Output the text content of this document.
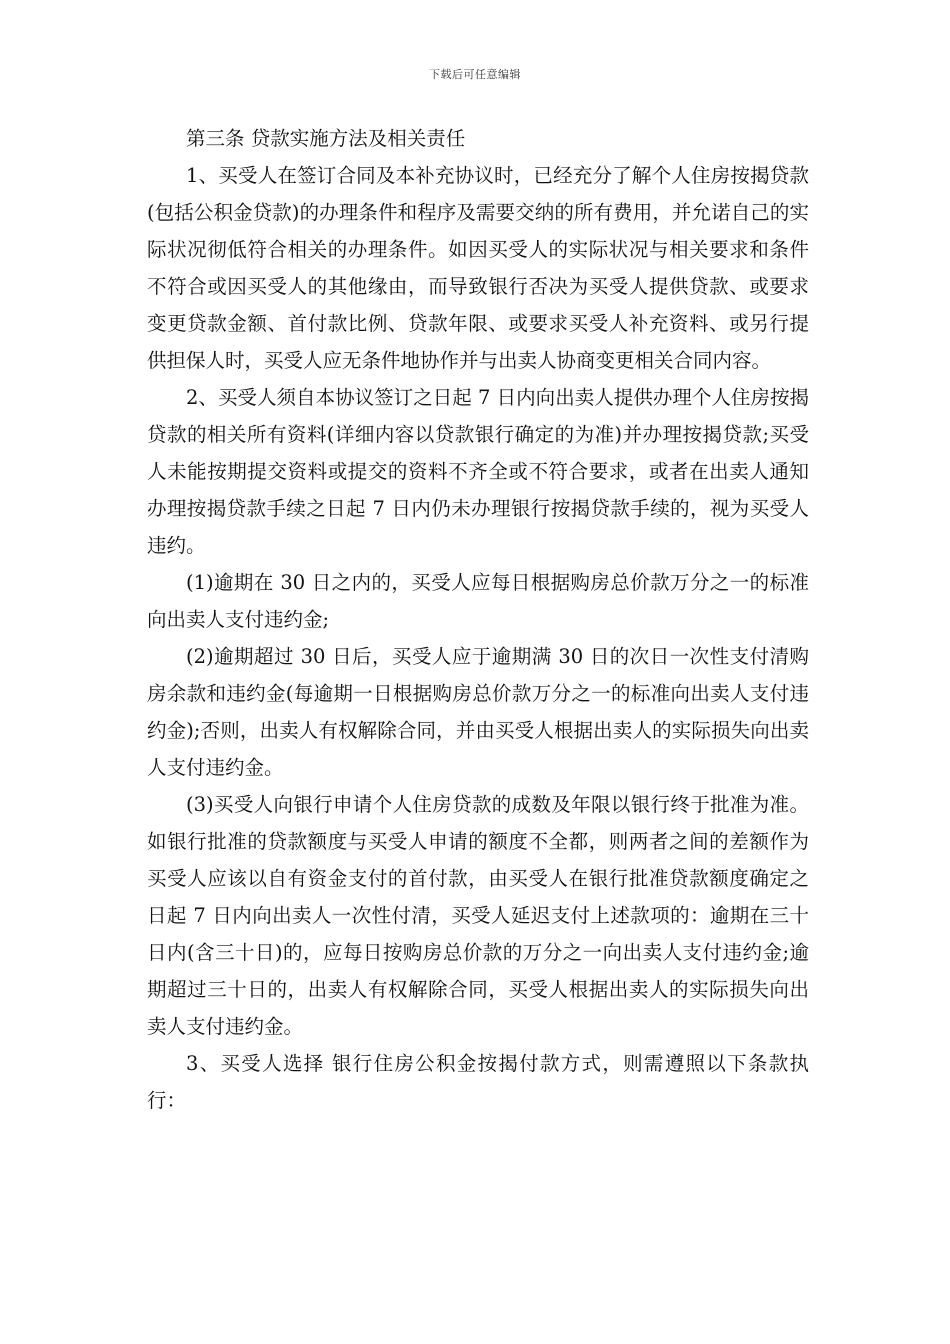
下载后可任意编辑

第三条 贷款实施方法及相关责任

1、买受人在签订合同及本补充协议时，已经充分了解个人住房按揭贷款(包括公积金贷款)的办理条件和程序及需要交纳的所有费用，并允诺自己的实际状况彻低符合相关的办理条件。如因买受人的实际状况与相关要求和条件不符合或因买受人的其他缘由，而导致银行否决为买受人提供贷款、或要求变更贷款金额、首付款比例、贷款年限、或要求买受人补充资料、或另行提供担保人时，买受人应无条件地协作并与出卖人协商变更相关合同内容。

2、买受人须自本协议签订之日起 7 日内向出卖人提供办理个人住房按揭贷款的相关所有资料(详细内容以贷款银行确定的为准)并办理按揭贷款;买受人未能按期提交资料或提交的资料不齐全或不符合要求，或者在出卖人通知办理按揭贷款手续之日起 7 日内仍未办理银行按揭贷款手续的，视为买受人违约。

(1)逾期在 30 日之内的，买受人应每日根据购房总价款万分之一的标准向出卖人支付违约金;

(2)逾期超过 30 日后，买受人应于逾期满 30 日的次日一次性支付清购房余款和违约金(每逾期一日根据购房总价款万分之一的标准向出卖人支付违约金);否则，出卖人有权解除合同，并由买受人根据出卖人的实际损失向出卖人支付违约金。

(3)买受人向银行申请个人住房贷款的成数及年限以银行终于批准为准。如银行批准的贷款额度与买受人申请的额度不全都，则两者之间的差额作为买受人应该以自有资金支付的首付款，由买受人在银行批准贷款额度确定之日起 7 日内向出卖人一次性付清，买受人延迟支付上述款项的：逾期在三十日内(含三十日)的，应每日按购房总价款的万分之一向出卖人支付违约金;逾期超过三十日的，出卖人有权解除合同，买受人根据出卖人的实际损失向出卖人支付违约金。

3、买受人选择 银行住房公积金按揭付款方式，则需遵照以下条款执行：
